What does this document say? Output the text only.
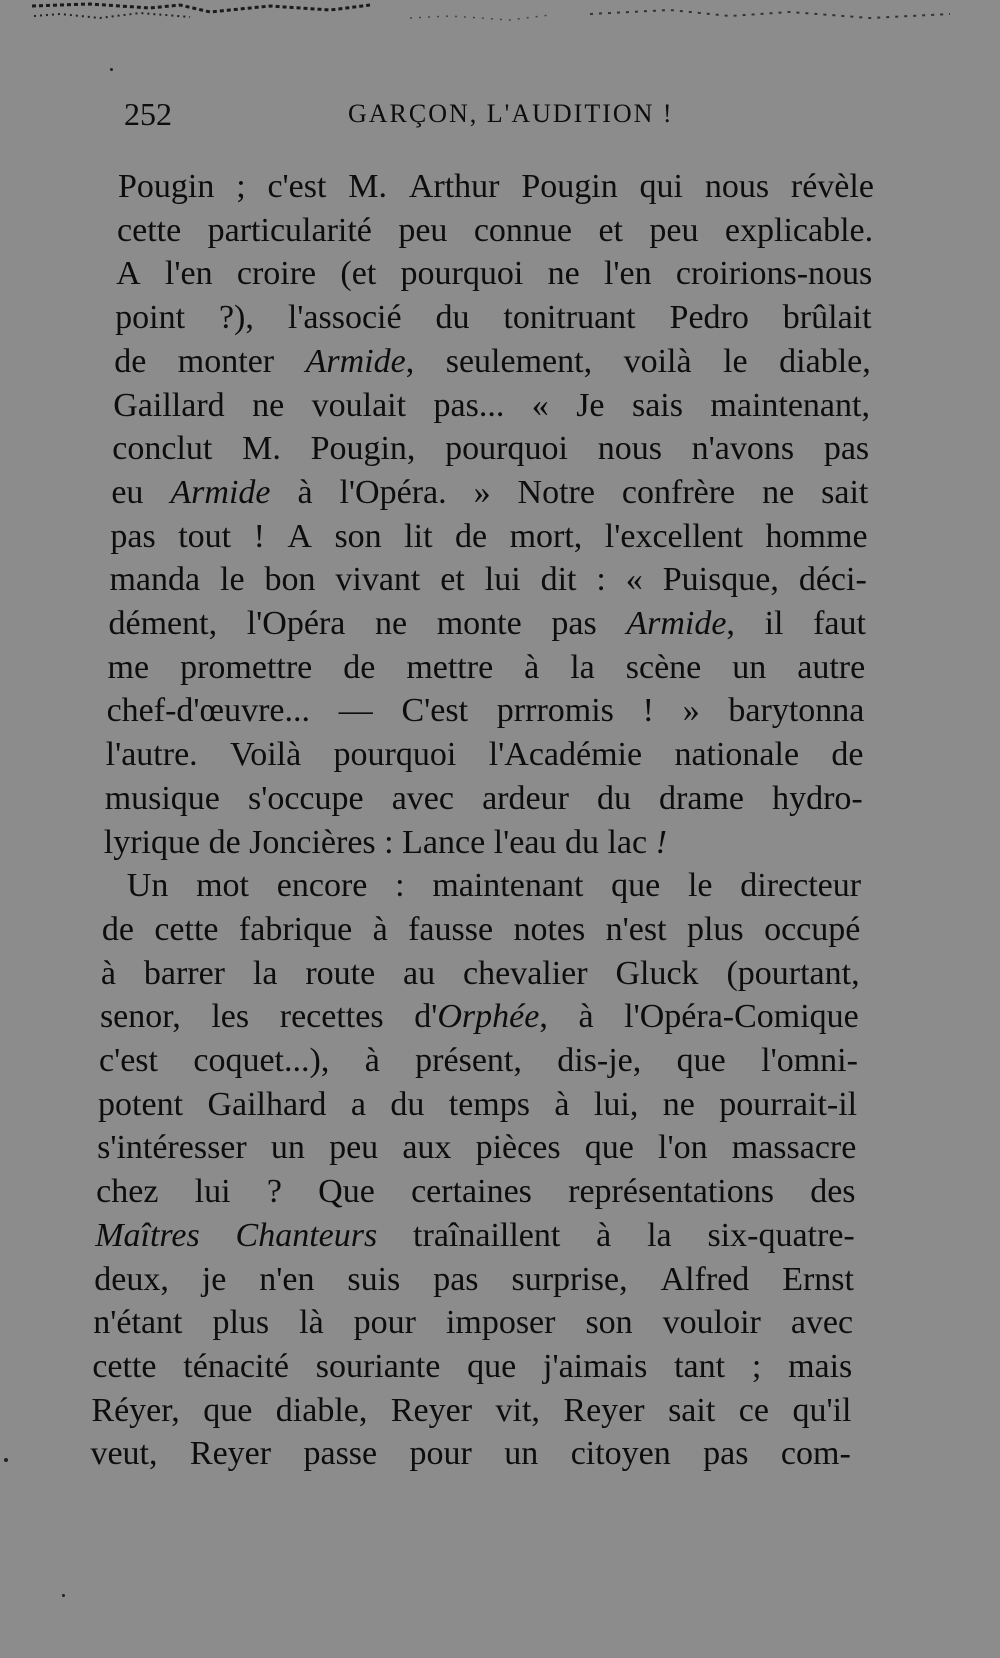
252	GARÇON, L'AUDITION !
Pougin ; c'est M. Arthur Pougin qui nous révèle
cette particularité peu connue et peu explicable.
A l'en croire (et pourquoi ne l'en croirions-nous
point ?), l'associé du tonitruant Pedro brûlait
de monter Armide, seulement, voilà le diable,
Gaillard ne voulait pas... « Je sais maintenant,
conclut M. Pougin, pourquoi nous n'avons pas
eu Armide à l'Opéra. » Notre confrère ne sait
pas tout ! A son lit de mort, l'excellent homme
manda le bon vivant et lui dit : « Puisque, déci-
dément, l'Opéra ne monte pas Armide, il faut
me promettre de mettre à la scène un autre
chef-d'œuvre... — C'est prrromis ! » barytonna
l'autre. Voilà pourquoi l'Académie nationale de
musique s'occupe avec ardeur du drame hydro-
lyrique
de
Joncières
:
Lance
l'eau
du
lac
!
Un mot encore : maintenant que le directeur
de cette fabrique à fausse notes n'est plus occupé
à barrer la route au chevalier Gluck (pourtant,
senor, les recettes d'Orphée, à l'Opéra-Comique
c'est coquet...), à présent, dis-je, que l'omni-
potent Gailhard a du temps à lui, ne pourrait-il
s'intéresser un peu aux pièces que l'on massacre
chez lui ? Que certaines représentations des
Maîtres Chanteurs traînaillent à la six-quatre-
deux, je n'en suis pas surprise, Alfred Ernst
n'étant plus là pour imposer son vouloir avec
cette ténacité souriante que j'aimais tant ; mais
Réyer, que diable, Reyer vit, Reyer sait ce qu'il
veut, Reyer passe pour un citoyen pas com-
